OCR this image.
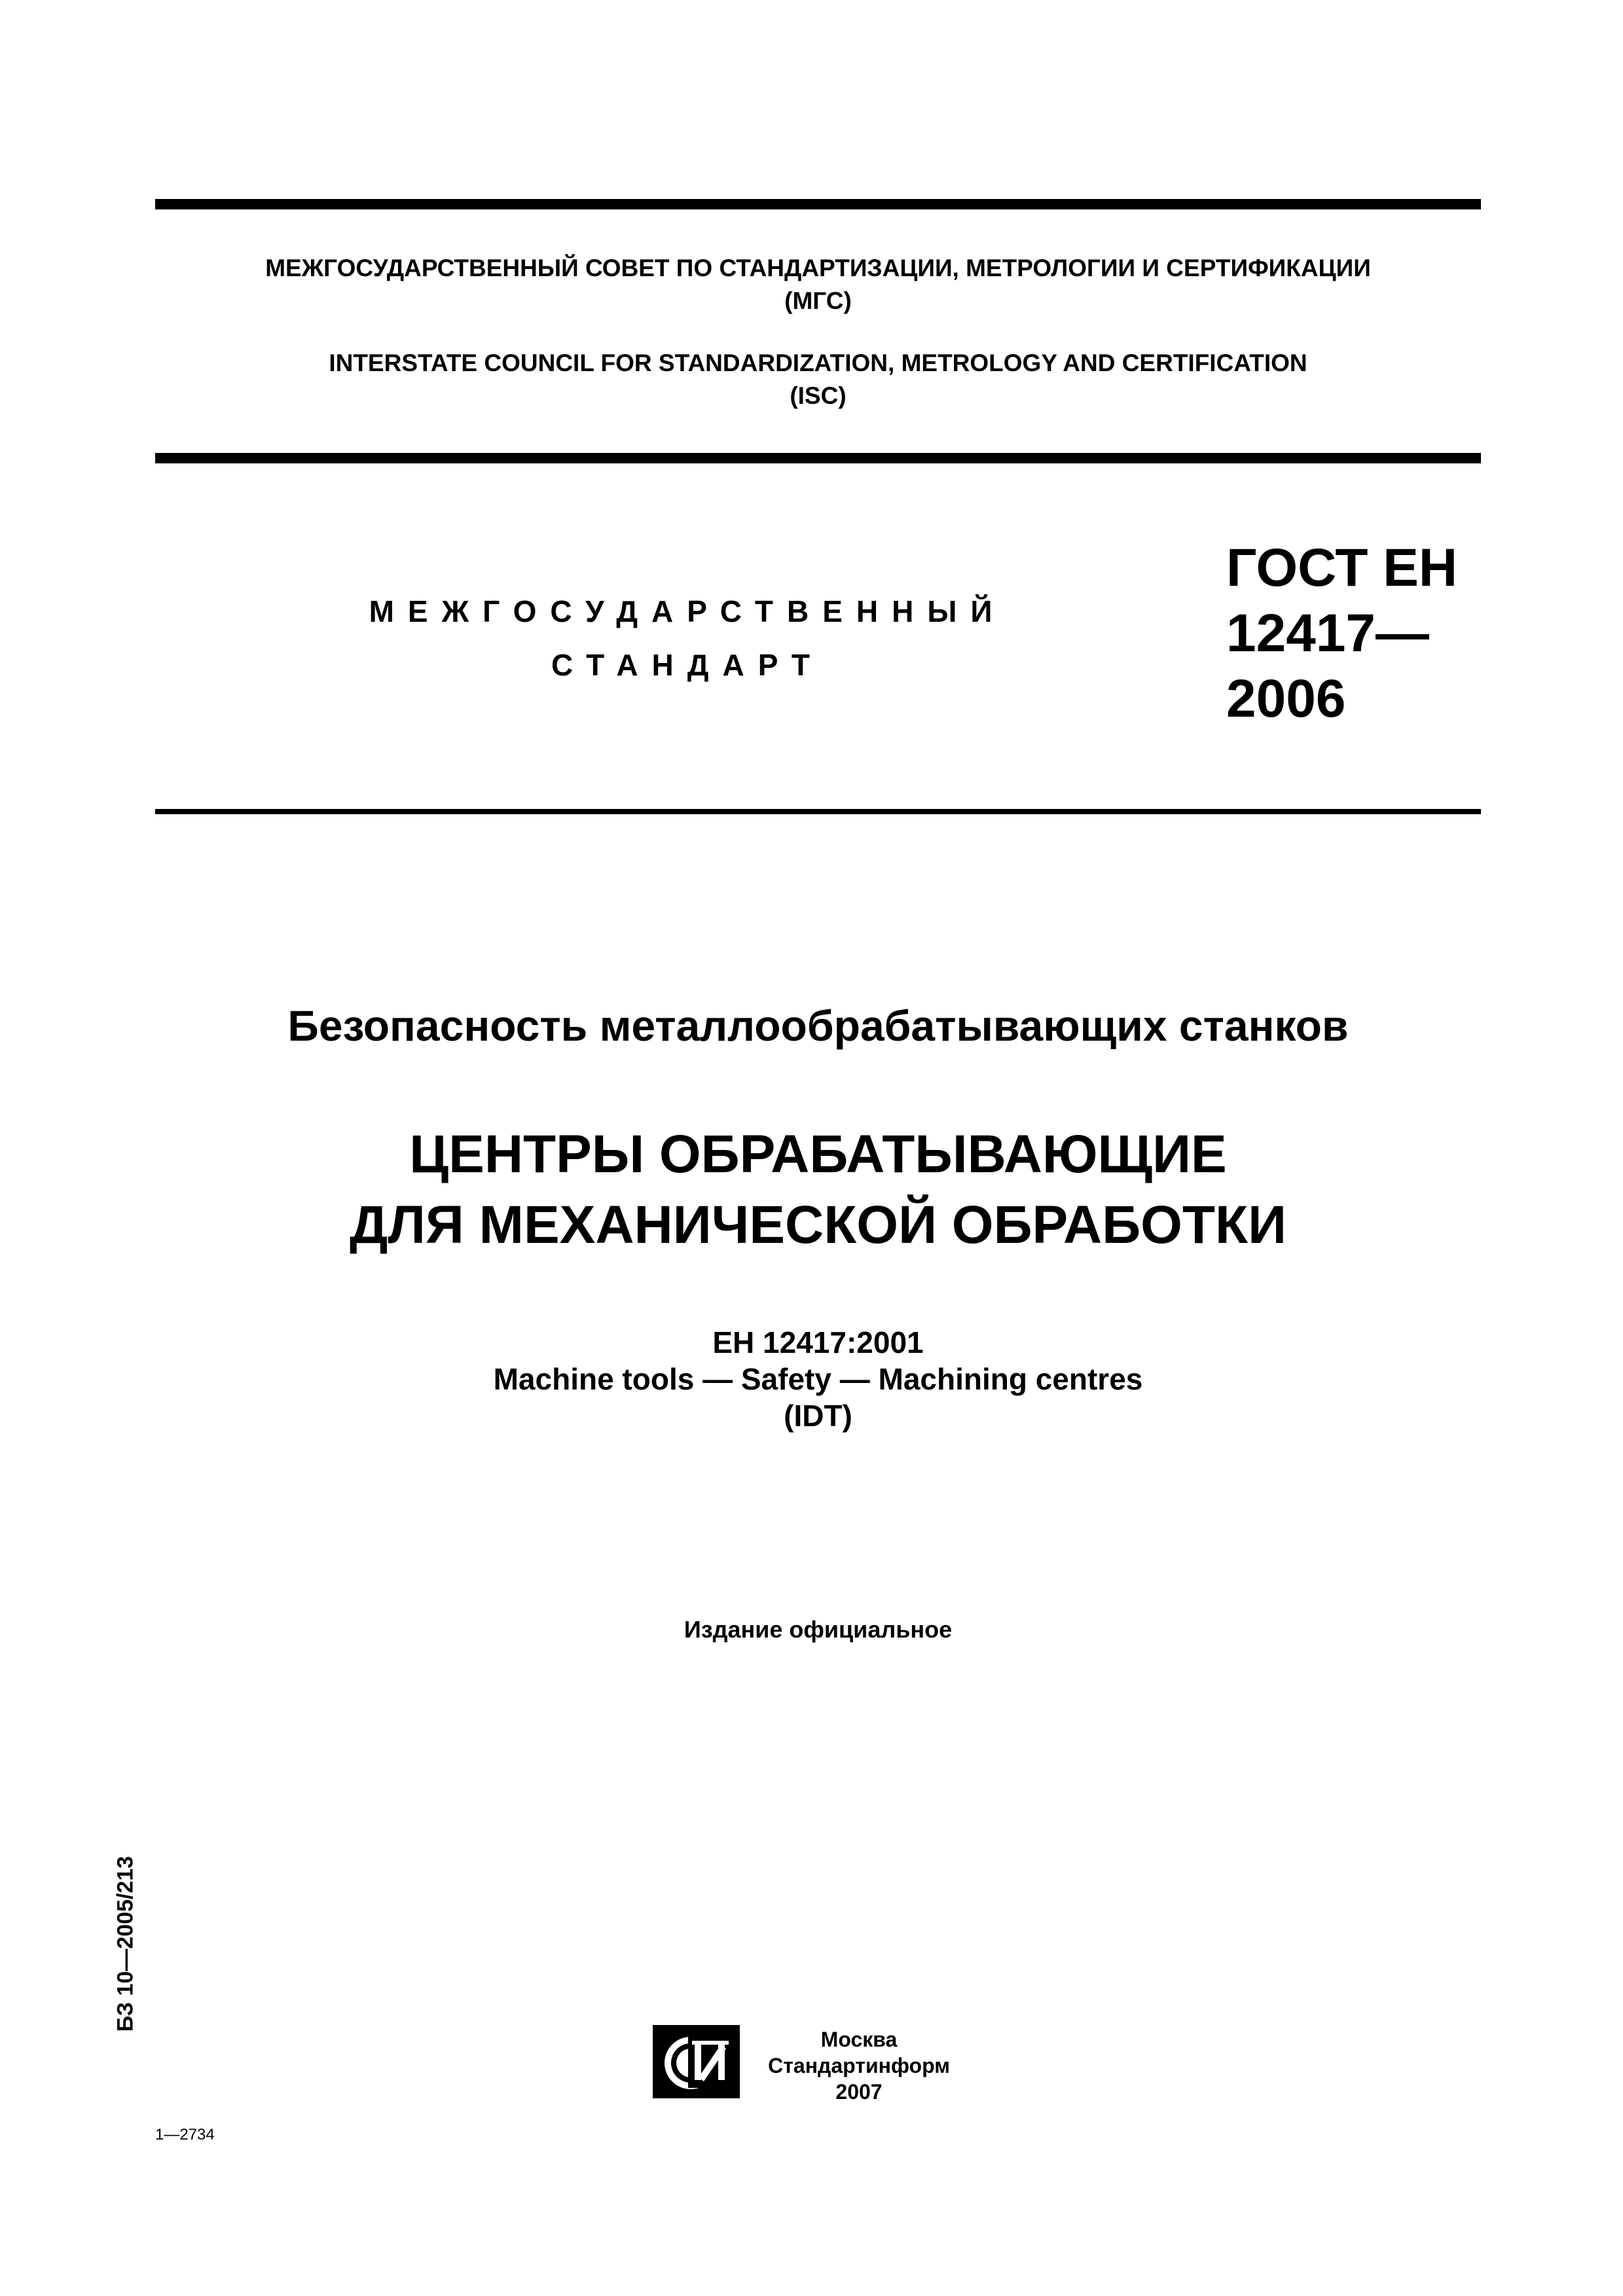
МЕЖГОСУДАРСТВЕННЫЙ СОВЕТ ПО СТАНДАРТИЗАЦИИ, МЕТРОЛОГИИ И СЕРТИФИКАЦИИ
(МГС)
INTERSTATE COUNCIL FOR STANDARDIZATION, METROLOGY AND CERTIFICATION
(ISC)
МЕЖГОСУДАРСТВЕННЫЙ
СТАНДАРТ
ГОСТ ЕН
12417—
2006
Безопасность металлообрабатывающих станков
ЦЕНТРЫ ОБРАБАТЫВАЮЩИЕ
ДЛЯ МЕХАНИЧЕСКОЙ ОБРАБОТКИ
ЕН 12417:2001
Machine tools — Safety — Machining centres
(IDT)
Издание официальное
БЗ 10—2005/213
Москва
Стандартинформ
2007
1—2734
